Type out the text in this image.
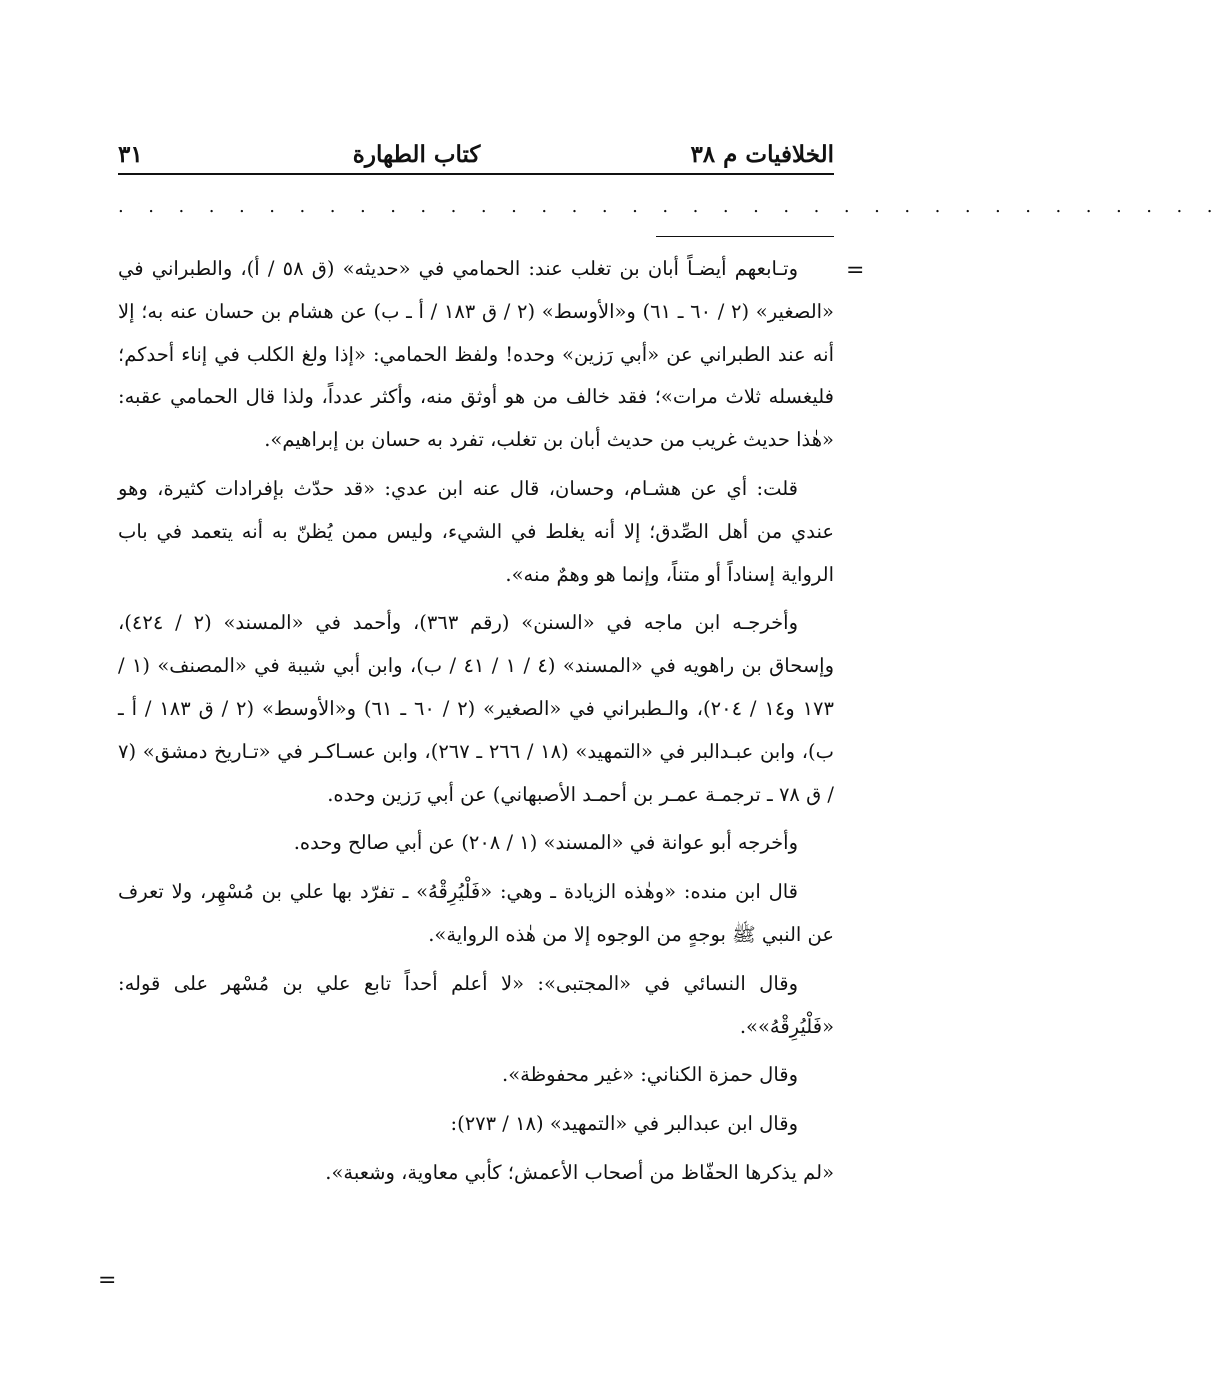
الخلافيات م ٣٨
كتاب الطهارة
٣١
. . . . . . . . . . . . . . . . . . . . . . . . . . . . . . . . . . . . .
=

وتـابعهم أيضـاً أبان بن تغلب عند: الحمامي في «حديثه» (ق ٥٨ / أ)، والطبراني في «الصغير» (٢ / ٦٠ ـ ٦١) و«الأوسط» (٢ / ق ١٨٣ / أ ـ ب) عن هشام بن حسان عنه به؛ إلا أنه عند الطبراني عن «أبي رَزين» وحده! ولفظ الحمامي: «إذا ولغ الكلب في إناء أحدكم؛ فليغسله ثلاث مرات»؛ فقد خالف من هو أوثق منه، وأكثر عدداً، ولذا قال الحمامي عقبه: «هٰذا حديث غريب من حديث أبان بن تغلب، تفرد به حسان بن إبراهيم».

قلت: أي عن هشـام، وحسان، قال عنه ابن عدي: «قد حدّث بإفرادات كثيرة، وهو عندي من أهل الصِّدق؛ إلا أنه يغلط في الشيء، وليس ممن يُظنّ به أنه يتعمد في باب الرواية إسناداً أو متناً، وإنما هو وهمٌ منه».

وأخرجـه ابن ماجه في «السنن» (رقم ٣٦٣)، وأحمد في «المسند» (٢ / ٤٢٤)، وإسحاق بن راهويه في «المسند» (٤ / ١ / ٤١ / ب)، وابن أبي شيبة في «المصنف» (١ / ١٧٣ و١٤ / ٢٠٤)، والـطبراني في «الصغير» (٢ / ٦٠ ـ ٦١) و«الأوسط» (٢ / ق ١٨٣ / أ ـ ب)، وابن عبـدالبر في «التمهيد» (١٨ / ٢٦٦ ـ ٢٦٧)، وابن عسـاكـر في «تـاريخ دمشق» (٧ / ق ٧٨ ـ ترجمـة عمـر بن أحمـد الأصبهاني) عن أبي رَزين وحده.

وأخرجه أبو عوانة في «المسند» (١ / ٢٠٨) عن أبي صالح وحده.

قال ابن منده: «وهٰذه الزيادة ـ وهي: «فَلْيُرِقْهُ» ـ تفرّد بها علي بن مُسْهِر، ولا تعرف عن النبي ﷺ بوجهٍ من الوجوه إلا من هٰذه الرواية».

وقال النسائي في «المجتبى»: «لا أعلم أحداً تابع علي بن مُسْهر على قوله: «فَلْيُرِقْهُ»».

وقال حمزة الكناني: «غير محفوظة».

وقال ابن عبدالبر في «التمهيد» (١٨ / ٢٧٣):

«لم يذكرها الحفّاظ من أصحاب الأعمش؛ كأبي معاوية، وشعبة».

=
